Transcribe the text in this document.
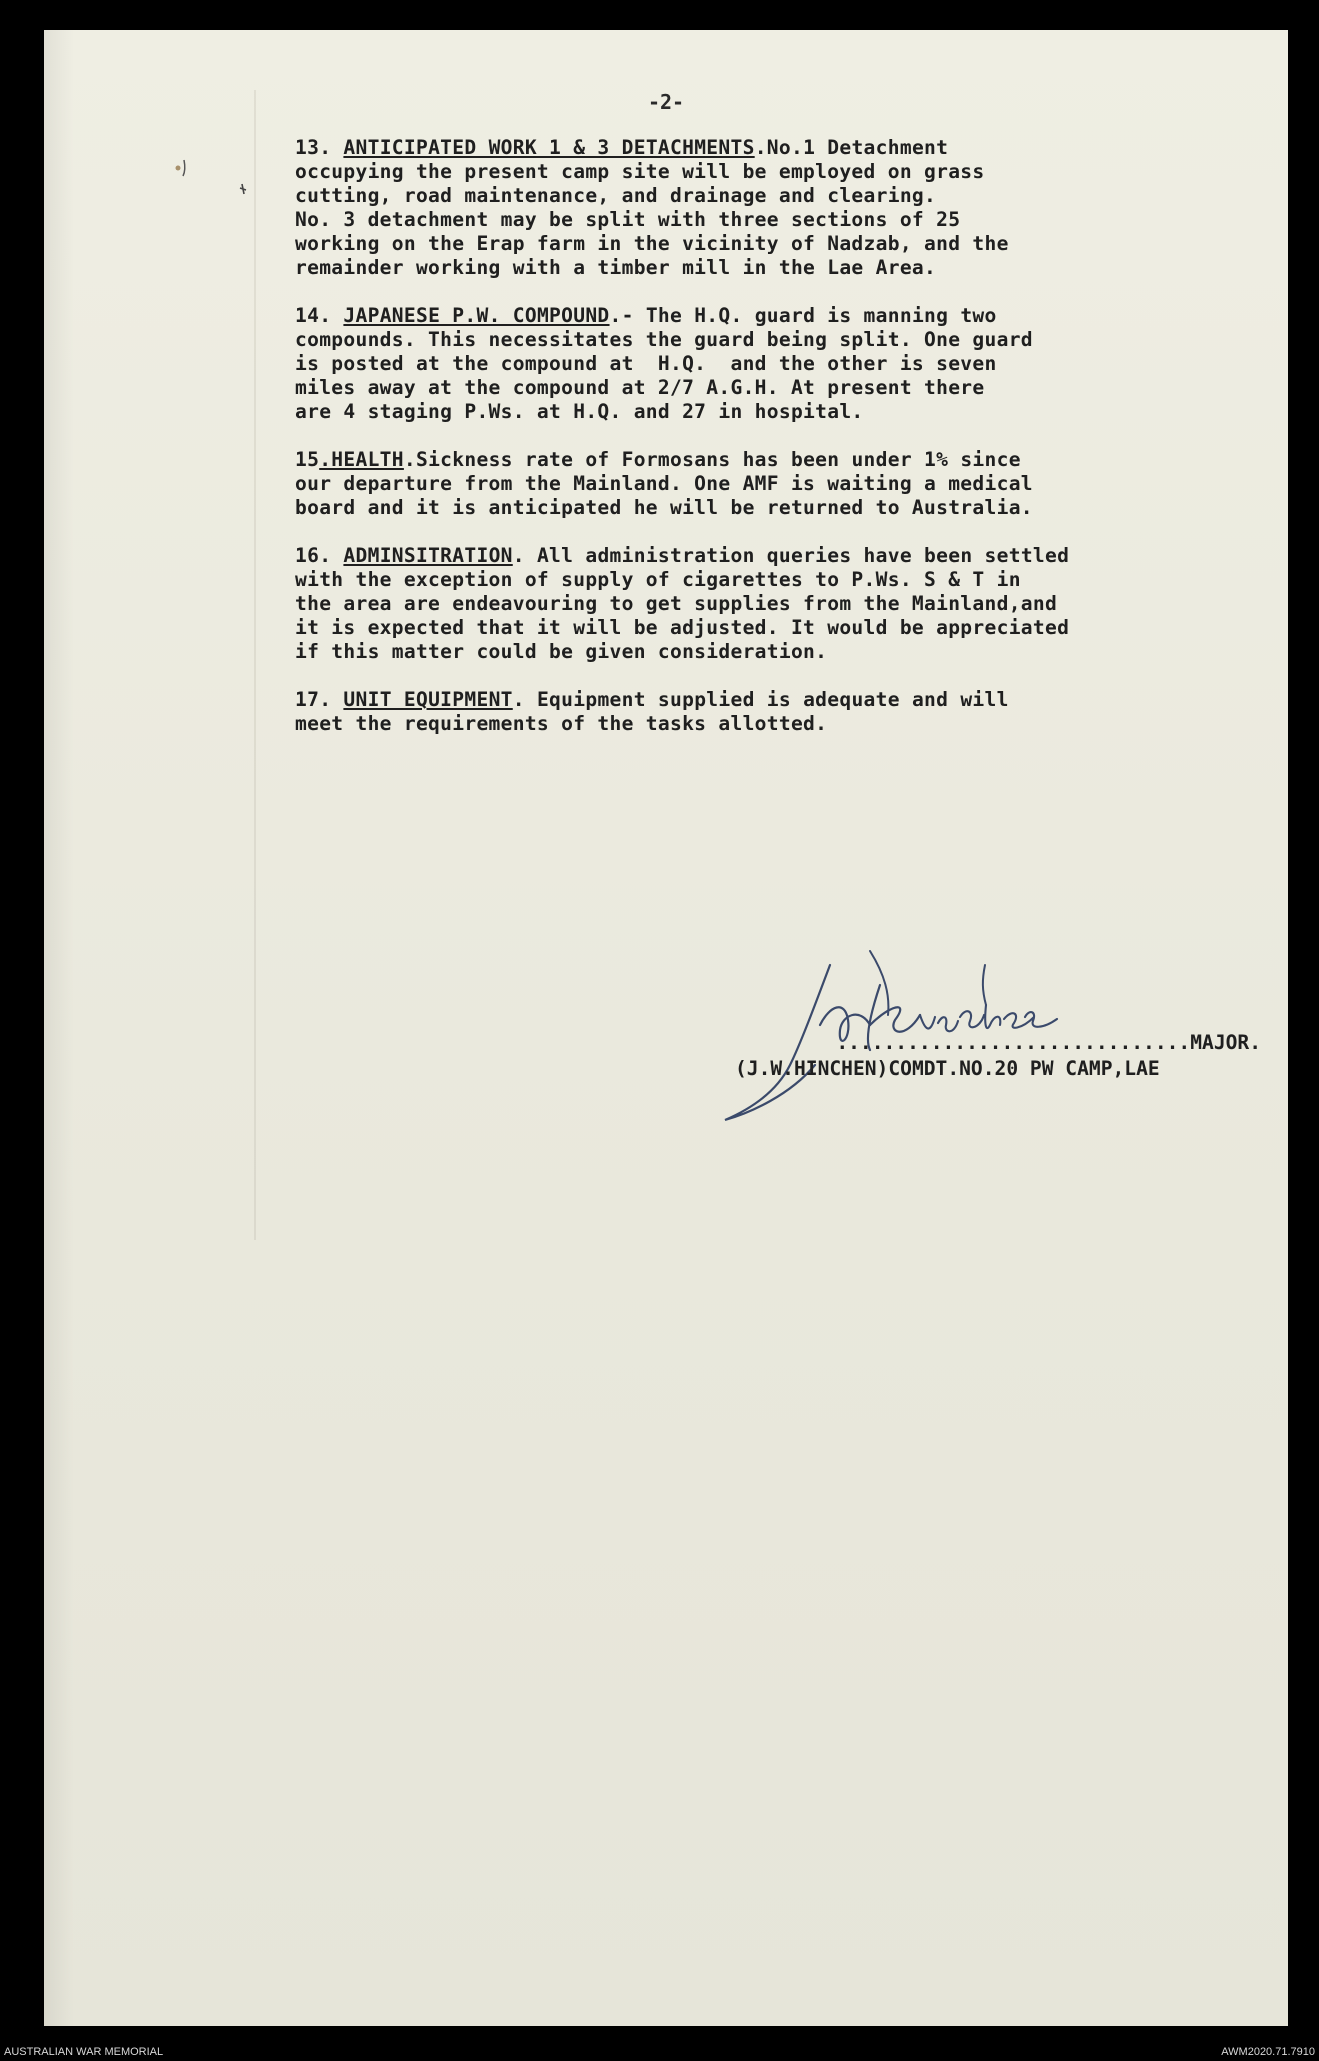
-2-
13. ANTICIPATED WORK 1 & 3 DETACHMENTS.No.1 Detachment
occupying the present camp site will be employed on grass
cutting, road maintenance, and drainage and clearing.
No. 3 detachment may be split with three sections of 25
working on the Erap farm in the vicinity of Nadzab, and the
remainder working with a timber mill in the Lae Area.
14. JAPANESE P.W. COMPOUND.- The H.Q. guard is manning two
compounds. This necessitates the guard being split. One guard
is posted at the compound at  H.Q.  and the other is seven
miles away at the compound at 2/7 A.G.H. At present there
are 4 staging P.Ws. at H.Q. and 27 in hospital.
15.HEALTH.Sickness rate of Formosans has been under 1% since
our departure from the Mainland. One AMF is waiting a medical
board and it is anticipated he will be returned to Australia.
16. ADMINSITRATION. All administration queries have been settled
with the exception of supply of cigarettes to P.Ws. S & T in
the area are endeavouring to get supplies from the Mainland,and
it is expected that it will be adjusted. It would be appreciated
if this matter could be given consideration.
17. UNIT EQUIPMENT. Equipment supplied is adequate and will
meet the requirements of the tasks allotted.
..............................MAJOR.
(J.W.HINCHEN)COMDT.NO.20 PW CAMP,LAE
AUSTRALIAN WAR MEMORIAL	AWM2020.71.7910
